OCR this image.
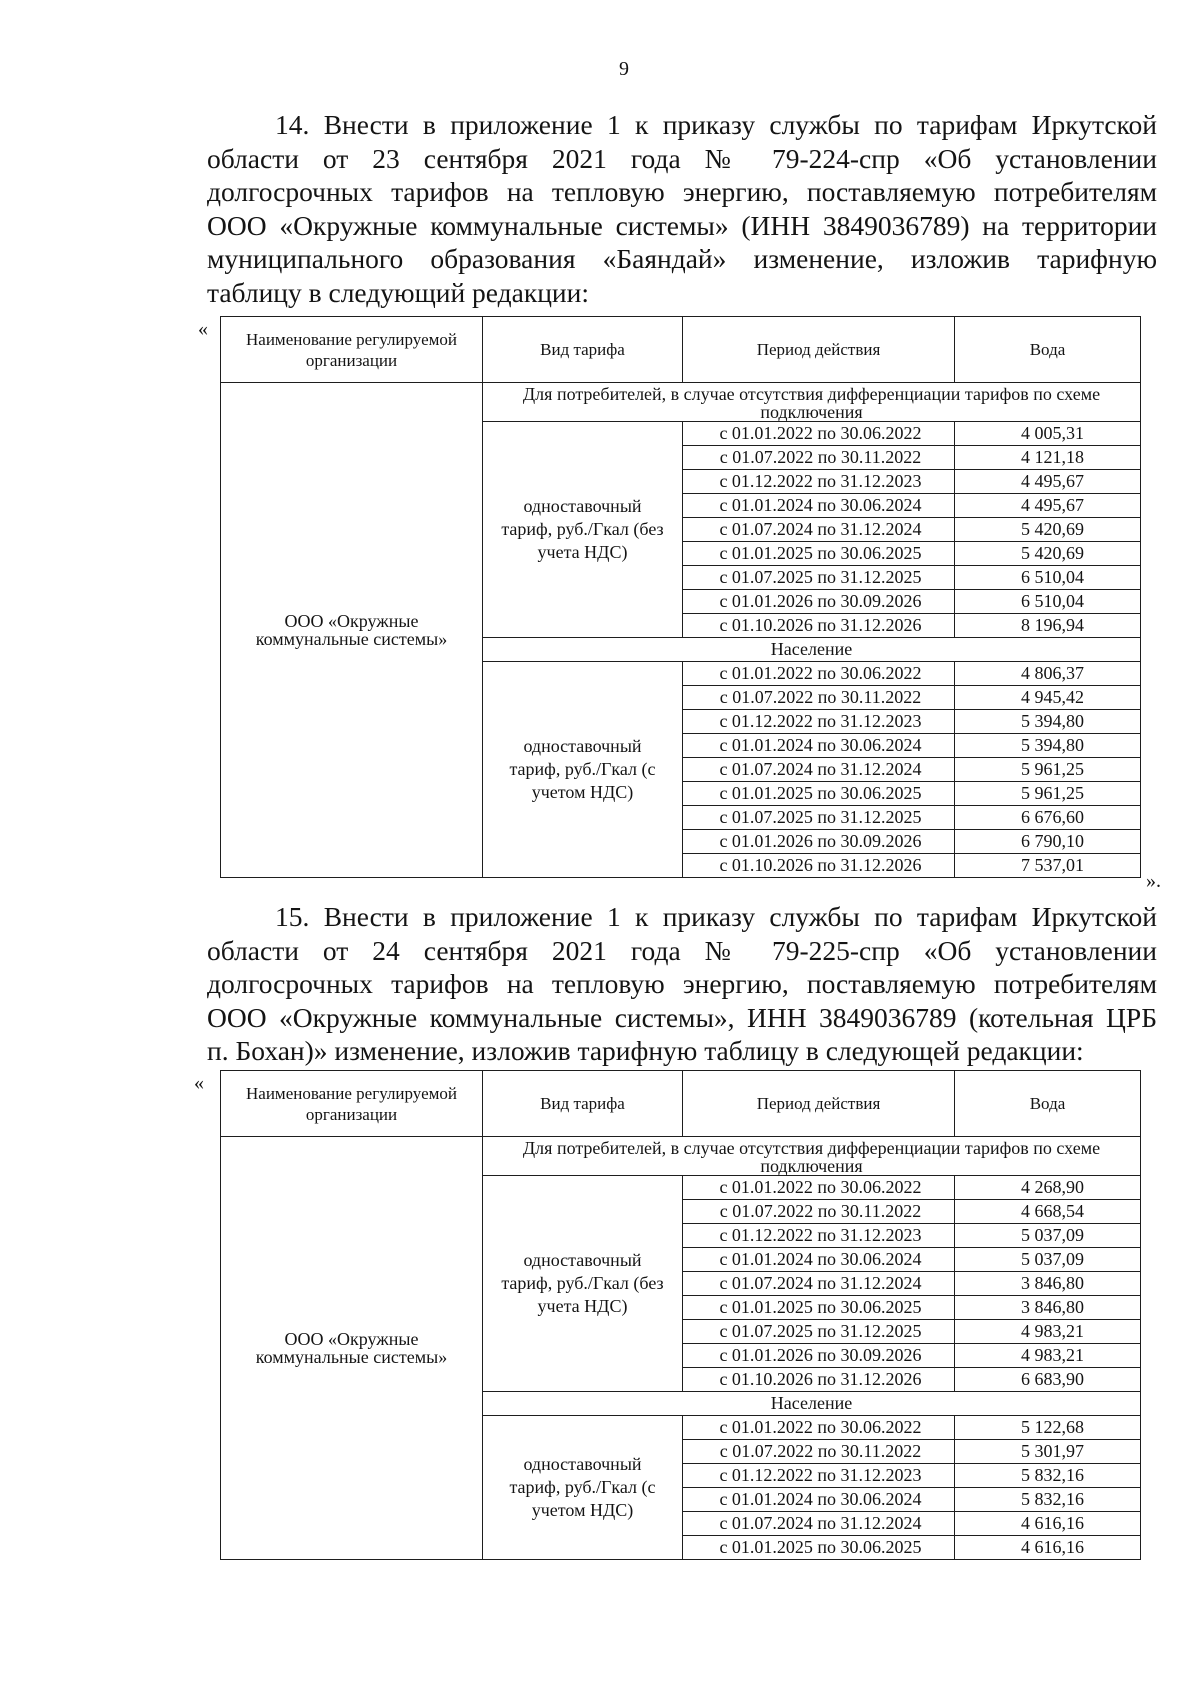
9
14. Внести в приложение 1 к приказу службы по тарифам Иркутской
области от 23 сентября 2021 года № 79-224-спр «Об установлении
долгосрочных тарифов на тепловую энергию, поставляемую потребителям
ООО «Окружные коммунальные системы» (ИНН 3849036789) на территории
муниципального образования «Баяндай» изменение, изложив тарифную
таблицу в следующий редакции:
« Наименование регулируемой организации	Вид тарифа	Период действия	Вода
ООО «Окружные коммунальные системы»	Для потребителей, в случае отсутствия дифференциации тарифов по схеме подключения		
	одноставочный тариф, руб./Гкал (без учета НДС)	с 01.01.2022 по 30.06.2022	4 005,31
		с 01.07.2022 по 30.11.2022	4 121,18
		с 01.12.2022 по 31.12.2023	4 495,67
		с 01.01.2024 по 30.06.2024	4 495,67
		с 01.07.2024 по 31.12.2024	5 420,69
		с 01.01.2025 по 30.06.2025	5 420,69
		с 01.07.2025 по 31.12.2025	6 510,04
		с 01.01.2026 по 30.09.2026	6 510,04
		с 01.10.2026 по 31.12.2026	8 196,94
	Население		
	одноставочный тариф, руб./Гкал (с учетом НДС)	с 01.01.2022 по 30.06.2022	4 806,37
		с 01.07.2022 по 30.11.2022	4 945,42
		с 01.12.2022 по 31.12.2023	5 394,80
		с 01.01.2024 по 30.06.2024	5 394,80
		с 01.07.2024 по 31.12.2024	5 961,25
		с 01.01.2025 по 30.06.2025	5 961,25
		с 01.07.2025 по 31.12.2025	6 676,60
		с 01.01.2026 по 30.09.2026	6 790,10
		с 01.10.2026 по 31.12.2026	7 537,01
».
15. Внести в приложение 1 к приказу службы по тарифам Иркутской
области от 24 сентября 2021 года № 79-225-спр «Об установлении
долгосрочных тарифов на тепловую энергию, поставляемую потребителям
ООО «Окружные коммунальные системы», ИНН 3849036789 (котельная ЦРБ
п. Бохан)» изменение, изложив тарифную таблицу в следующей редакции:
« Наименование регулируемой организации	Вид тарифа	Период действия	Вода
ООО «Окружные коммунальные системы»	Для потребителей, в случае отсутствия дифференциации тарифов по схеме подключения		
	одноставочный тариф, руб./Гкал (без учета НДС)	с 01.01.2022 по 30.06.2022	4 268,90
		с 01.07.2022 по 30.11.2022	4 668,54
		с 01.12.2022 по 31.12.2023	5 037,09
		с 01.01.2024 по 30.06.2024	5 037,09
		с 01.07.2024 по 31.12.2024	3 846,80
		с 01.01.2025 по 30.06.2025	3 846,80
		с 01.07.2025 по 31.12.2025	4 983,21
		с 01.01.2026 по 30.09.2026	4 983,21
		с 01.10.2026 по 31.12.2026	6 683,90
	Население		
	одноставочный тариф, руб./Гкал (с учетом НДС)	с 01.01.2022 по 30.06.2022	5 122,68
		с 01.07.2022 по 30.11.2022	5 301,97
		с 01.12.2022 по 31.12.2023	5 832,16
		с 01.01.2024 по 30.06.2024	5 832,16
		с 01.07.2024 по 31.12.2024	4 616,16
		с 01.01.2025 по 30.06.2025	4 616,16
